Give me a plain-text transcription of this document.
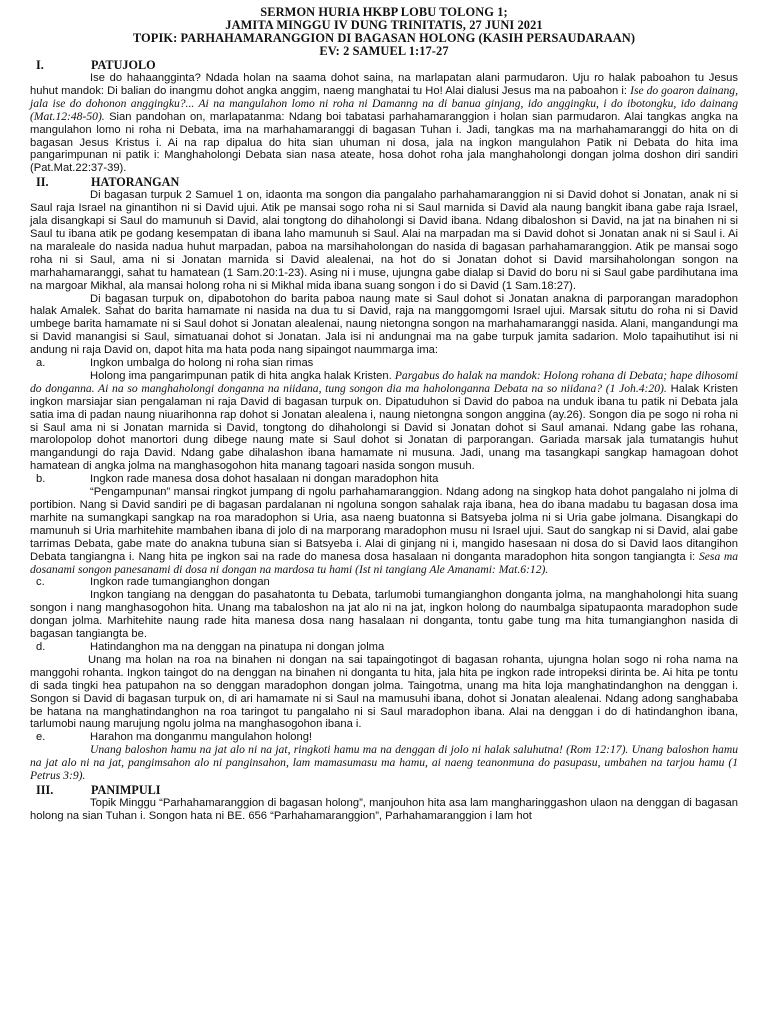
SERMON HURIA HKBP LOBU TOLONG 1;
JAMITA MINGGU IV DUNG TRINITATIS, 27 JUNI 2021
TOPIK: PARHAHAMARANGGION DI BAGASAN HOLONG (KASIH PERSAUDARAAN)
EV: 2 SAMUEL 1:17-27
I.	PATUJOLO

Ise do hahaangginta? Ndada holan na saama dohot saina, na marlapatan alani parmudaron. Uju ro halak paboahon tu Jesus huhut mandok: Di balian do inangmu dohot angka anggim, naeng manghatai tu Ho! Alai dialusi Jesus ma na paboahon i: Ise do goaron dainang, jala ise do dohonon anggingku?... Ai na mangulahon lomo ni roha ni Damanng na di banua ginjang, ido anggingku, i do ibotongku, ido dainang (Mat.12:48-50). Sian pandohan on, marlapatanma: Ndang boi tabatasi parhahamaranggion i holan sian parmudaron. Alai tangkas angka na mangulahon lomo ni roha ni Debata, ima na marhahamaranggi di bagasan Tuhan i. Jadi, tangkas ma na marhahamaranggi do hita on di bagasan Jesus Kristus i. Ai na rap dipalua do hita sian uhuman ni dosa, jala na ingkon mangulahon Patik ni Debata do hita ima pangarimpunan ni patik i: Manghaholongi Debata sian nasa ateate, hosa dohot roha jala manghaholongi dongan jolma doshon diri sandiri (Pat.Mat.22:37-39).

II.	HATORANGAN

Di bagasan turpuk 2 Samuel 1 on, idaonta ma songon dia pangalaho parhahamaranggion ni si David dohot si Jonatan, anak ni si Saul raja Israel na ginantihon ni si David ujui. Atik pe mansai sogo roha ni si Saul marnida si David ala naung bangkit ibana gabe raja Israel, jala disangkapi si Saul do mamunuh si David, alai tongtong do dihaholongi si David ibana. Ndang dibaloshon si David, na jat na binahen ni si Saul tu ibana atik pe godang kesempatan di ibana laho mamunuh si Saul. Alai na marpadan ma si David dohot si Jonatan anak ni si Saul i. Ai na maraleale do nasida nadua huhut marpadan, paboa na marsihaholongan do nasida di bagasan parhahamaranggion. Atik pe mansai sogo roha ni si Saul, ama ni si Jonatan marnida si David alealenai, na hot do si Jonatan dohot si David marsihaholongan songon na marhahamaranggi, sahat tu hamatean (1 Sam.20:1-23). Asing ni i muse, ujungna gabe dialap si David do boru ni si Saul gabe pardihutana ima na margoar Mikhal, ala mansai holong roha ni si Mikhal mida ibana suang songon i do si David (1 Sam.18:27).

Di bagasan turpuk on, dipabotohon do barita paboa naung mate si Saul dohot si Jonatan anakna di parporangan maradophon halak Amalek. Sahat do barita hamamate ni nasida na dua tu si David, raja na manggomgomi Israel ujui. Marsak situtu do roha ni si David umbege barita hamamate ni si Saul dohot si Jonatan alealenai, naung nietongna songon na marhahamaranggi nasida. Alani, mangandungi ma si David manangisi si Saul, simatuanai dohot si Jonatan. Jala isi ni andungnai ma na gabe turpuk jamita sadarion. Molo tapaihutihut isi ni andung ni raja David on, dapot hita ma hata poda nang sipaingot naummarga ima:

a.	Ingkon umbalga do holong ni roha sian rimas

Holong ima pangarimpunan patik di hita angka halak Kristen. Pargabus do halak na mandok: Holong rohana di Debata; hape dihosomi do donganna. Ai na so manghaholongi donganna na niidana, tung songon dia ma haholonganna Debata na so niidana? (1 Joh.4:20). Halak Kristen ingkon marsiajar sian pengalaman ni raja David di bagasan turpuk on. Dipatuduhon si David do paboa na unduk ibana tu patik ni Debata jala satia ima di padan naung niuarihonna rap dohot si Jonatan alealena i, naung nietongna songon anggina (ay.26). Songon dia pe sogo ni roha ni si Saul ama ni si Jonatan marnida si David, tongtong do dihaholongi si David si Jonatan dohot si Saul amanai. Ndang gabe las rohana, marolopolop dohot manortori dung dibege naung mate si Saul dohot si Jonatan di parporangan. Gariada marsak jala tumatangis huhut mangandungi do raja David. Ndang gabe dihalashon ibana hamamate ni musuna. Jadi, unang ma tasangkapi sangkap hamagoan dohot hamatean di angka jolma na manghasogohon hita manang tagoari nasida songon musuh.

b.	Ingkon rade manesa dosa dohot hasalaan ni dongan maradophon hita

“Pengampunan” mansai ringkot jumpang di ngolu parhahamaranggion. Ndang adong na singkop hata dohot pangalaho ni jolma di portibion. Nang si David sandiri pe di bagasan pardalanan ni ngoluna songon sahalak raja ibana, hea do ibana madabu tu bagasan dosa ima marhite na sumangkapi sangkap na roa maradophon si Uria, asa naeng buatonna si Batsyeba jolma ni si Uria gabe jolmana. Disangkapi do mamunuh si Uria marhitehite mambahen ibana di jolo di na marporang maradophon musu ni Israel ujui. Saut do sangkap ni si David, alai gabe tarrimas Debata, gabe mate do anakna tubuna sian si Batsyeba i. Alai di ginjang ni i, mangido hasesaan ni dosa do si David laos ditangihon Debata tangiangna i. Nang hita pe ingkon sai na rade do manesa dosa hasalaan ni donganta maradophon hita songon tangiangta i: Sesa ma dosanami songon panesanami di dosa ni dongan na mardosa tu hami (Ist ni tangiang Ale Amanami: Mat.6:12).

c.	Ingkon rade tumangianghon dongan

Ingkon tangiang na denggan do pasahatonta tu Debata, tarlumobi tumangianghon donganta jolma, na manghaholongi hita suang songon i nang manghasogohon hita. Unang ma tabaloshon na jat alo ni na jat, ingkon holong do naumbalga sipatupaonta maradophon sude dongan jolma. Marhitehite naung rade hita manesa dosa nang hasalaan ni donganta, tontu gabe tung ma hita tumangianghon nasida di bagasan tangiangta be.

d.	Hatindanghon ma na denggan na pinatupa ni dongan jolma

Unang ma holan na roa na binahen ni dongan na sai tapaingotingot di bagasan rohanta, ujungna holan sogo ni roha nama na manggohi rohanta. Ingkon taingot do na denggan na binahen ni donganta tu hita, jala hita pe ingkon rade intropeksi dirinta be. Ai hita pe tontu di sada tingki hea patupahon na so denggan maradophon dongan jolma. Taingotma, unang ma hita loja manghatindanghon na denggan i. Songon si David di bagasan turpuk on, di ari hamamate ni si Saul na mamusuhi ibana, dohot si Jonatan alealenai. Ndang adong sanghababa be hatana na manghatindanghon na roa taringot tu pangalaho ni si Saul maradophon ibana. Alai na denggan i do di hatindanghon ibana, tarlumobi naung marujung ngolu jolma na manghasogohon ibana i.

e.	Harahon ma donganmu mangulahon holong!

Unang baloshon hamu na jat alo ni na jat, ringkoti hamu ma na denggan di jolo ni halak saluhutna! (Rom 12:17). Unang baloshon hamu na jat alo ni na jat, pangimsahon alo ni panginsahon, lam mamasumasu ma hamu, ai naeng teanonmuna do pasupasu, umbahen na tarjou hamu (1 Petrus 3:9).

III.	PANIMPULI

Topik Minggu “Parhahamaranggion di bagasan holong”, manjouhon hita asa lam mangharinggashon ulaon na denggan di bagasan holong na sian Tuhan i. Songon hata ni BE. 656 “Parhahamaranggion”, Parhahamaranggion i lam hot
